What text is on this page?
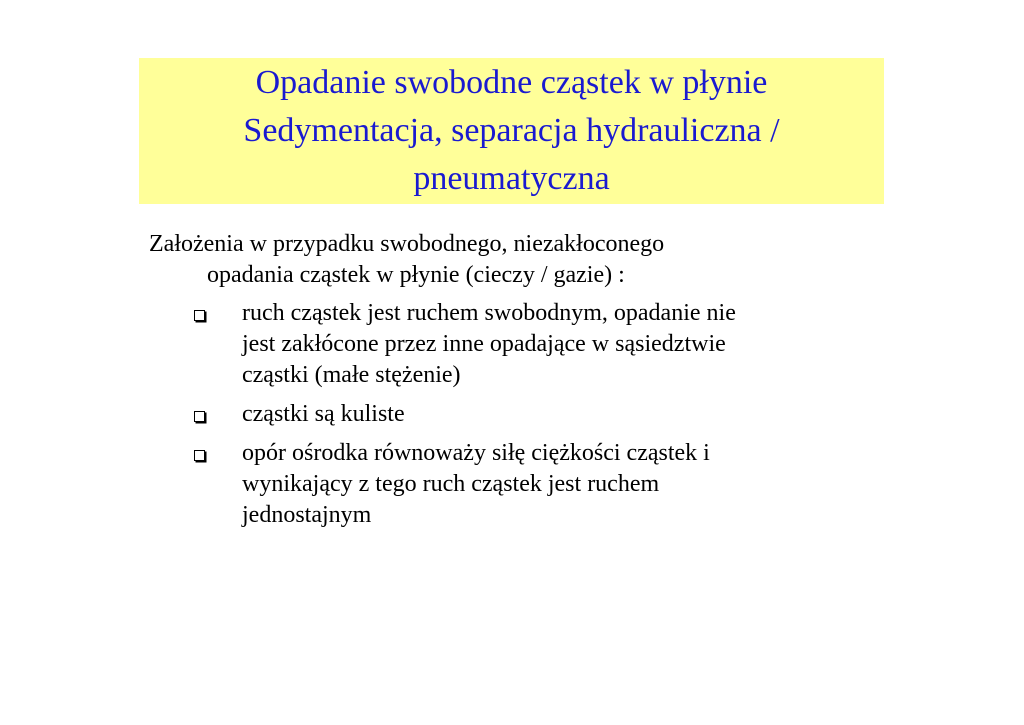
Opadanie swobodne cząstek w płynie
Sedymentacja, separacja hydrauliczna /
pneumatyczna
Założenia w przypadku swobodnego, niezakłoconego
opadania cząstek w płynie (cieczy / gazie) :
ruch cząstek jest ruchem swobodnym, opadanie nie
jest zakłócone przez inne opadające w sąsiedztwie
cząstki (małe stężenie)
cząstki są kuliste
opór ośrodka równoważy siłę ciężkości cząstek i
wynikający z tego ruch cząstek jest ruchem
jednostajnym
